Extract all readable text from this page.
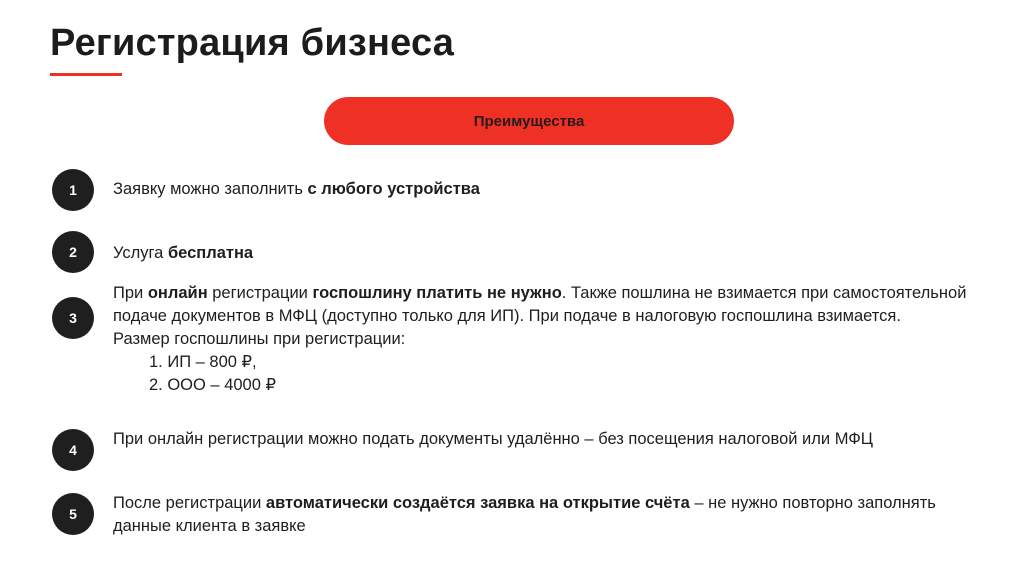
Регистрация бизнеса
Преимущества
1	Заявку можно заполнить с любого устройства

2	Услуга бесплатна

3
При онлайн регистрации госпошлину платить не нужно. Также пошлина не взимается при самостоятельной подаче документов в МФЦ (доступно только для ИП). При подаче в налоговую госпошлина взимается.
Размер госпошлины при регистрации:
1. ИП – 800 ₽,
2. ООО – 4000 ₽
4

При онлайн регистрации можно подать документы удалённо – без посещения налоговой или МФЦ

5

После регистрации автоматически создаётся заявка на открытие счёта – не нужно повторно заполнять данные клиента в заявке
